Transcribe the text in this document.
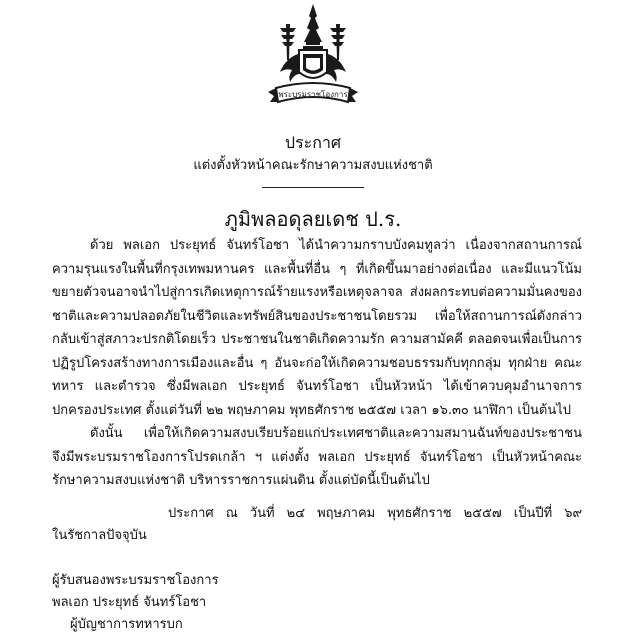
พระบรมราชโองการ
ประกาศ
แต่งตั้งหัวหน้าคณะรักษาความสงบแห่งชาติ
ภูมิพลอดุลยเดช ป.ร.
ด้วย พลเอก ประยุทธ์ จันทร์โอชา ได้นำความกราบบังคมทูลว่า เนื่องจากสถานการณ์ความรุนแรงในพื้นที่กรุงเทพมหานคร และพื้นที่อื่น ๆ ที่เกิดขึ้นมาอย่างต่อเนื่อง และมีแนวโน้มขยายตัวจนอาจนำไปสู่การเกิดเหตุการณ์ร้ายแรงหรือเหตุจลาจล ส่งผลกระทบต่อความมั่นคงของชาติและความปลอดภัยในชีวิตและทรัพย์สินของประชาชนโดยรวม เพื่อให้สถานการณ์ดังกล่าวกลับเข้าสู่สภาวะปรกติโดยเร็ว ประชาชนในชาติเกิดความรัก ความสามัคคี ตลอดจนเพื่อเป็นการปฏิรูปโครงสร้างทางการเมืองและอื่น ๆ อันจะก่อให้เกิดความชอบธรรมกับทุกกลุ่ม ทุกฝ่าย คณะทหาร และตำรวจ ซึ่งมีพลเอก ประยุทธ์ จันทร์โอชา เป็นหัวหน้า ได้เข้าควบคุมอำนาจการปกครองประเทศ ตั้งแต่วันที่ ๒๒ พฤษภาคม พุทธศักราช ๒๕๕๗ เวลา ๑๖.๓๐ นาฬิกา เป็นต้นไป
ดังนั้น เพื่อให้เกิดความสงบเรียบร้อยแก่ประเทศชาติและความสมานฉันท์ของประชาชน จึงมีพระบรมราชโองการโปรดเกล้า ฯ แต่งตั้ง พลเอก ประยุทธ์ จันทร์โอชา เป็นหัวหน้าคณะรักษาความสงบแห่งชาติ บริหารราชการแผ่นดิน ตั้งแต่บัดนี้เป็นต้นไป
ประกาศ ณ วันที่ ๒๔ พฤษภาคม พุทธศักราช ๒๕๕๗ เป็นปีที่ ๖๙
ในรัชกาลปัจจุบัน
ผู้รับสนองพระบรมราชโองการ
พลเอก ประยุทธ์ จันทร์โอชา
ผู้บัญชาการทหารบก
